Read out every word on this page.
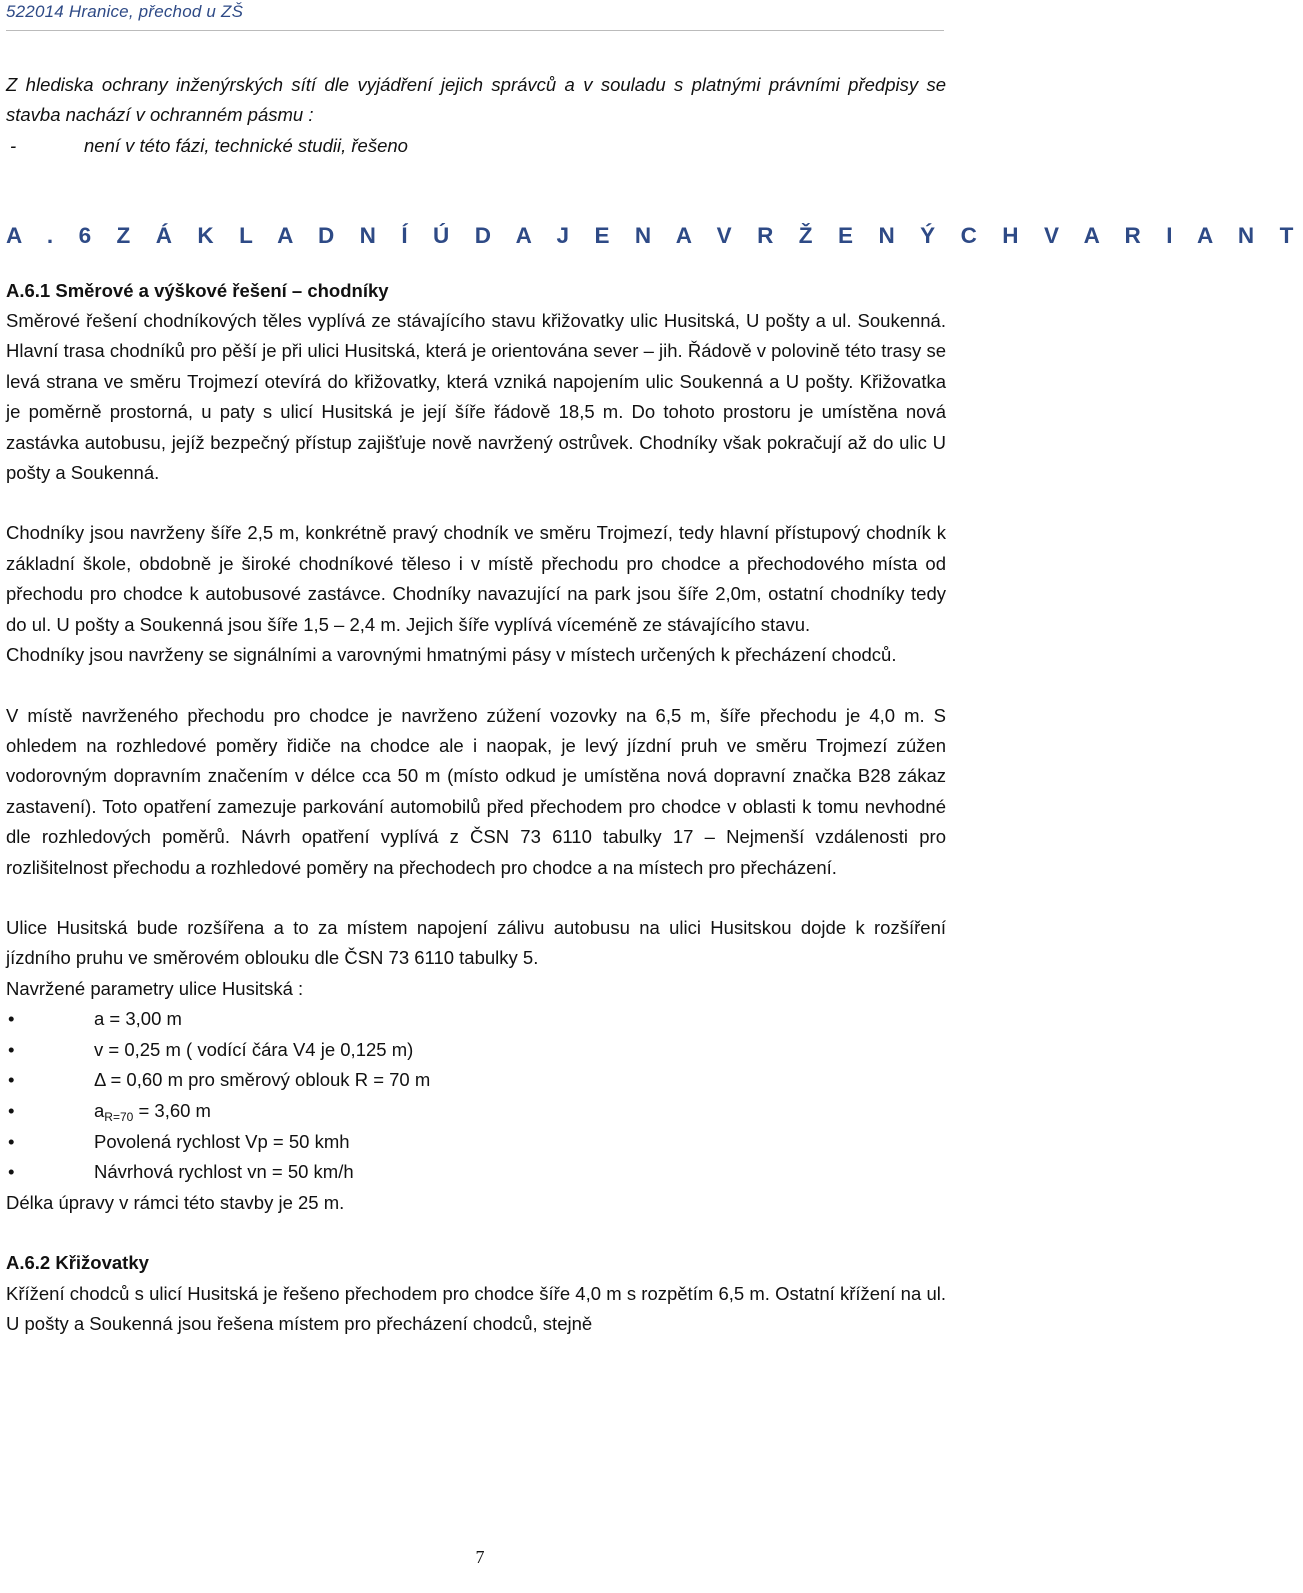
522014 Hranice, přechod u ZŠ

Z hlediska ochrany inženýrských sítí dle vyjádření jejich správců a v souladu s platnými právními předpisy se stavba nachází v ochranném pásmu :

-	není v této fázi, technické studii, řešeno
A . 6 Z Á K L A D N Í Ú D A J E N A V R Ž E N Ý C H V A R I A N T

A.6.1 Směrové a výškové řešení – chodníky

Směrové řešení chodníkových těles vyplívá ze stávajícího stavu křižovatky ulic Husitská, U pošty a ul. Soukenná. Hlavní trasa chodníků pro pěší je při ulici Husitská, která je orientována sever – jih. Řádově v polovině této trasy se levá strana ve směru Trojmezí otevírá do křižovatky, která vzniká napojením ulic Soukenná a U pošty. Křižovatka je poměrně prostorná, u paty s ulicí Husitská je její šíře řádově 18,5 m. Do tohoto prostoru je umístěna nová zastávka autobusu, jejíž bezpečný přístup zajišťuje nově navržený ostrůvek. Chodníky však pokračují až do ulic U pošty a Soukenná.

Chodníky jsou navrženy šíře 2,5 m, konkrétně pravý chodník ve směru Trojmezí, tedy hlavní přístupový chodník k základní škole, obdobně je široké chodníkové těleso i v místě přechodu pro chodce a přechodového místa od přechodu pro chodce k autobusové zastávce. Chodníky navazující na park jsou šíře 2,0m, ostatní chodníky tedy do ul. U pošty a Soukenná jsou šíře 1,5 – 2,4 m. Jejich šíře vyplívá víceméně ze stávajícího stavu.

Chodníky jsou navrženy se signálními a varovnými hmatnými pásy v místech určených k přecházení chodců.

V místě navrženého přechodu pro chodce je navrženo zúžení vozovky na 6,5 m, šíře přechodu je 4,0 m. S ohledem na rozhledové poměry řidiče na chodce ale i naopak, je levý jízdní pruh ve směru Trojmezí zúžen vodorovným dopravním značením v délce cca 50 m (místo odkud je umístěna nová dopravní značka B28 zákaz zastavení). Toto opatření zamezuje parkování automobilů před přechodem pro chodce v oblasti k tomu nevhodné dle rozhledových poměrů. Návrh opatření vyplívá z ČSN 73 6110 tabulky 17 – Nejmenší vzdálenosti pro rozlišitelnost přechodu a rozhledové poměry na přechodech pro chodce a na místech pro přecházení.

Ulice Husitská bude rozšířena a to za místem napojení zálivu autobusu na ulici Husitskou dojde k rozšíření jízdního pruhu ve směrovém oblouku dle ČSN 73 6110 tabulky 5.

Navržené parametry ulice Husitská :

•	a = 3,00 m
•	v = 0,25 m ( vodící čára V4 je 0,125 m)
•	Δ = 0,60 m pro směrový oblouk R = 70 m
•	$a_{R=70} = 3,60$ m
•	Povolená rychlost Vp = 50 kmh
•	Návrhová rychlost vn = 50 km/h

Délka úpravy v rámci této stavby je 25 m.

A.6.2 Křižovatky

Křížení chodců s ulicí Husitská je řešeno přechodem pro chodce šíře 4,0 m s rozpětím 6,5 m. Ostatní křížení na ul. U pošty a Soukenná jsou řešena místem pro přecházení chodců, stejně

7
